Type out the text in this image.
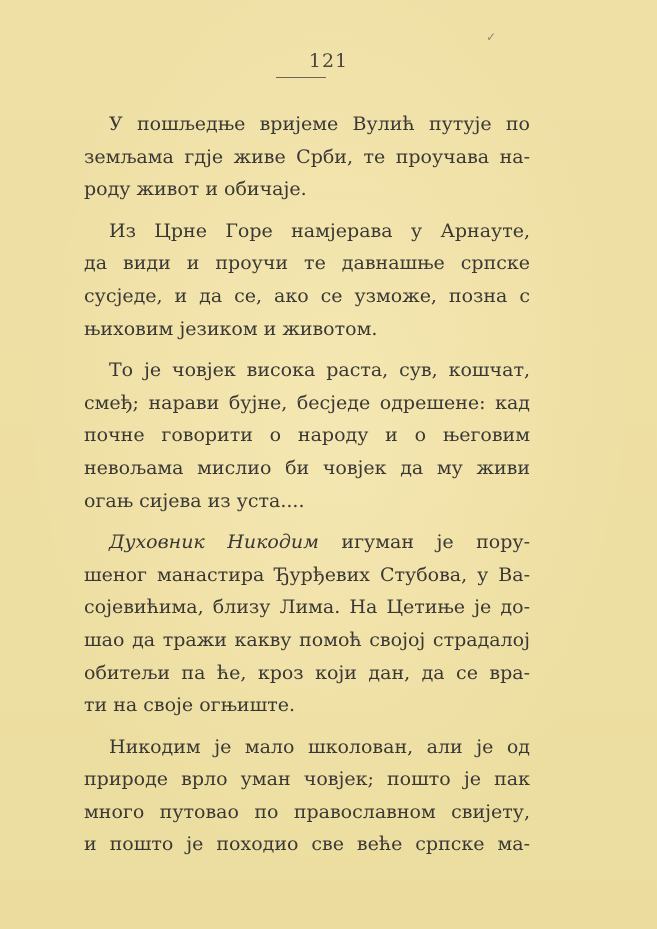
✓
121
У пошљедње вријеме Вулић путује по
земљама гдје живе Срби, те проучава на-
роду живот и обичаје.
Из Црне Горе намјерава у Арнауте,
да види и проучи те давнашње српске
сусједе, и да се, ако се узможе, позна с
њиховим језиком и животом.
То је човјек висока раста, сув, кошчат,
смеђ; нарави бујне, бесједе одрешене: кад
почне говорити о народу и о његовим
невољама мислио би човјек да му живи
огањ сијева из уста....
Духовник Никодим игуман је пору-
шеног манастира Ђурђевих Стубова, у Ва-
сојевићима, близу Лима. На Цетиње је до-
шао да тражи какву помоћ својој страдалој
обитељи па ће, кроз који дан, да се вра-
ти на своје огњиште.
Никодим је мало школован, али је од
природе врло уман човјек; пошто је пак
много путовао по православном свијету,
и пошто је походио све веће српске ма-
